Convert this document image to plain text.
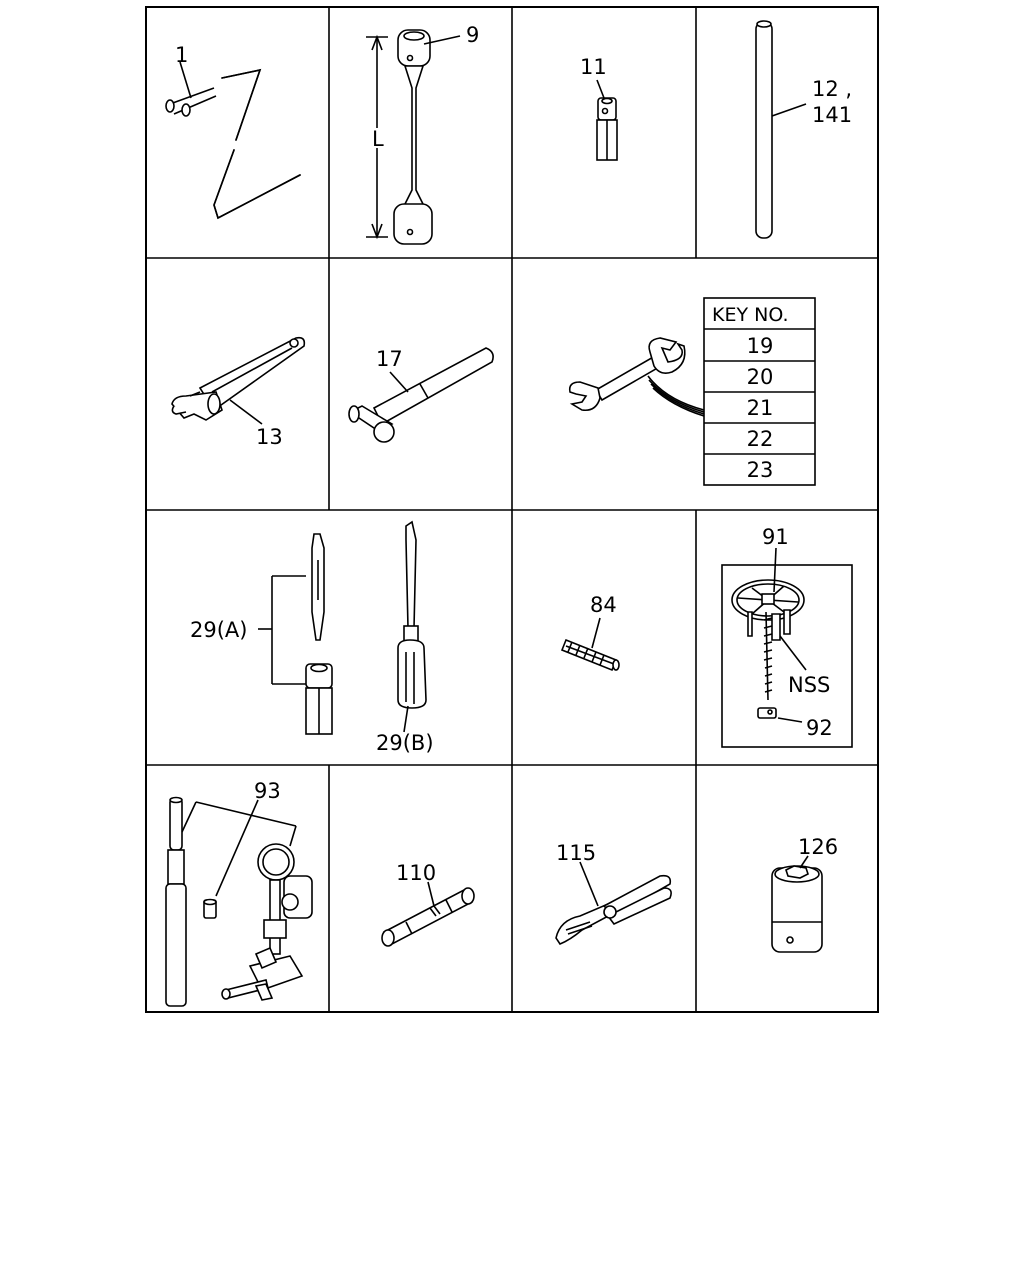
1
9
L
11
12 ,
141
13
17
KEY NO.
19
20
21
22
23
29(A)
29(B)
84
91
NSS
92
93
110
115	126
